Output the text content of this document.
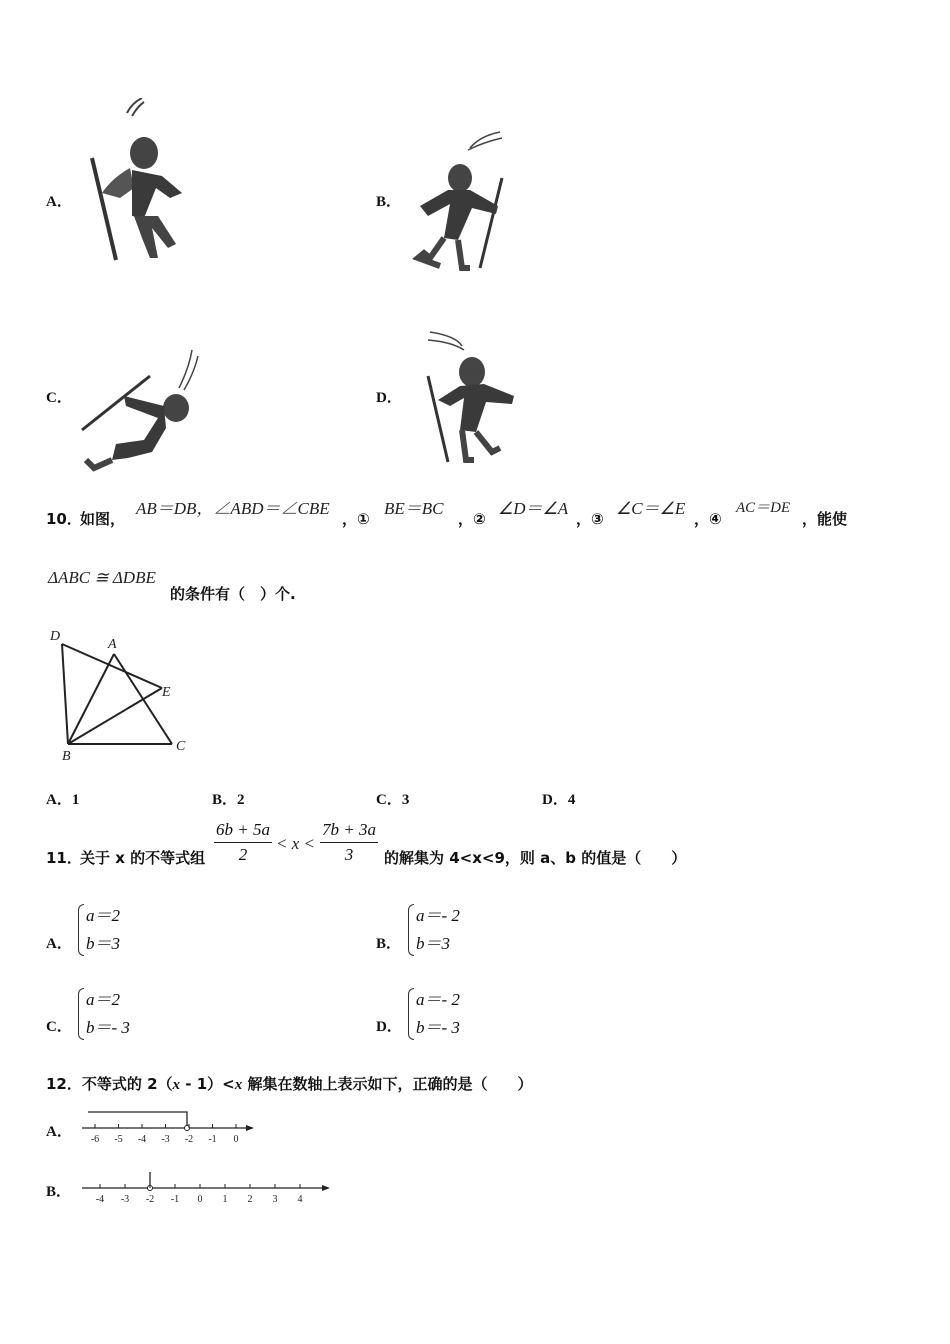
A．	B．
C．	D．
10．
如图，
AB＝DB，∠ABD＝∠CBE
，①
BE＝BC
，②
∠D＝∠A
，③
∠C＝∠E
，④
AC＝DE
，能使
ΔABC ≅ ΔDBE
的条件有（　）个.
D
A
E
B
C
A．1	B．2	C．3	D．4
11．
关于 x 的不等式组 $\frac{6b + 5a}{2} < x < \frac{7b + 3a}{3}$ 的解集为 4<x<9，则 a、b 的值是（　　）
A．
a＝2
b＝3	B．
a＝- 2
b＝3
C．
a＝2
b＝- 3	D．
a＝- 2
b＝- 3
12．不等式的 2（x - 1）<x 解集在数轴上表示如下，正确的是（　　）
A． -6 -5 -4 -3 -2 -1 0
B． -4 -3 -2 -1 0 1 2 3 4
